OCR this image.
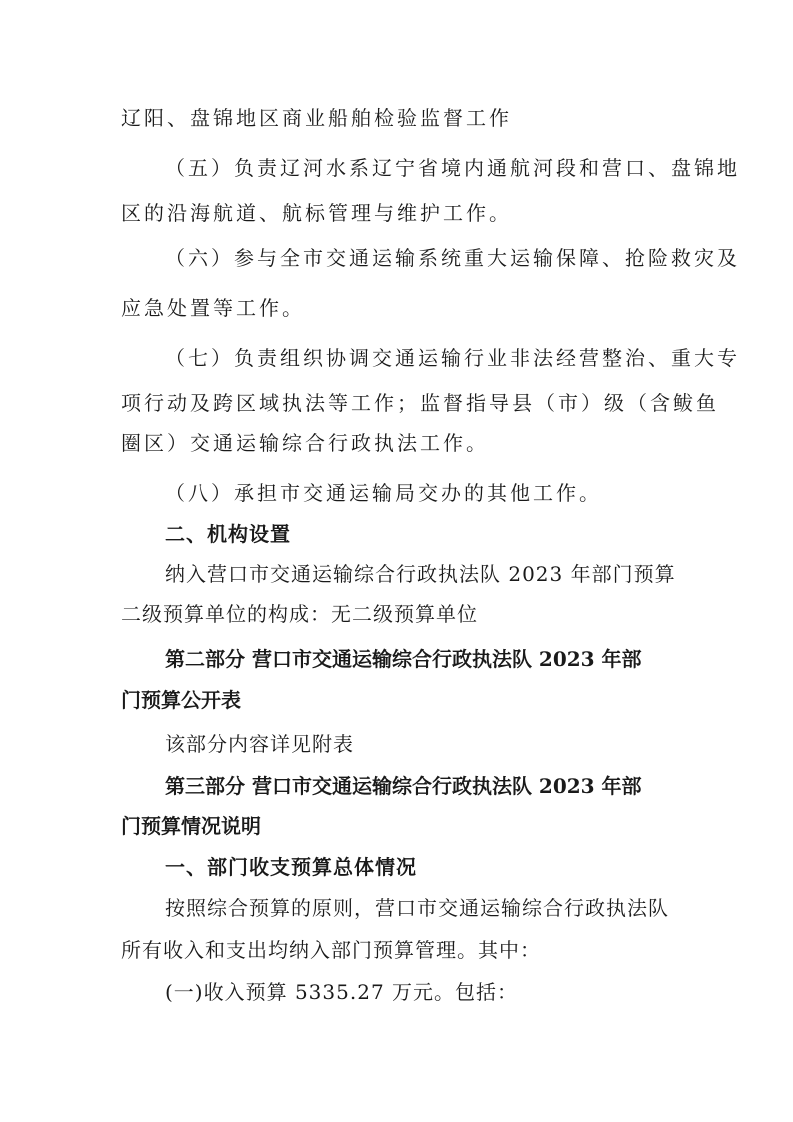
辽阳、盘锦地区商业船舶检验监督工作
（五）负责辽河水系辽宁省境内通航河段和营口、盘锦地
区的沿海航道、航标管理与维护工作。
（六）参与全市交通运输系统重大运输保障、抢险救灾及
应急处置等工作。
（七）负责组织协调交通运输行业非法经营整治、重大专
项行动及跨区域执法等工作；监督指导县（市）级（含鲅鱼
圈区）交通运输综合行政执法工作。
（八）承担市交通运输局交办的其他工作。
二、机构设置
纳入营口市交通运输综合行政执法队 2023 年部门预算
二级预算单位的构成：无二级预算单位
第二部分 营口市交通运输综合行政执法队 2023 年部
门预算公开表
该部分内容详见附表
第三部分 营口市交通运输综合行政执法队 2023 年部
门预算情况说明
一、部门收支预算总体情况
按照综合预算的原则，营口市交通运输综合行政执法队
所有收入和支出均纳入部门预算管理。其中：
(一)收入预算 5335.27 万元。包括：
